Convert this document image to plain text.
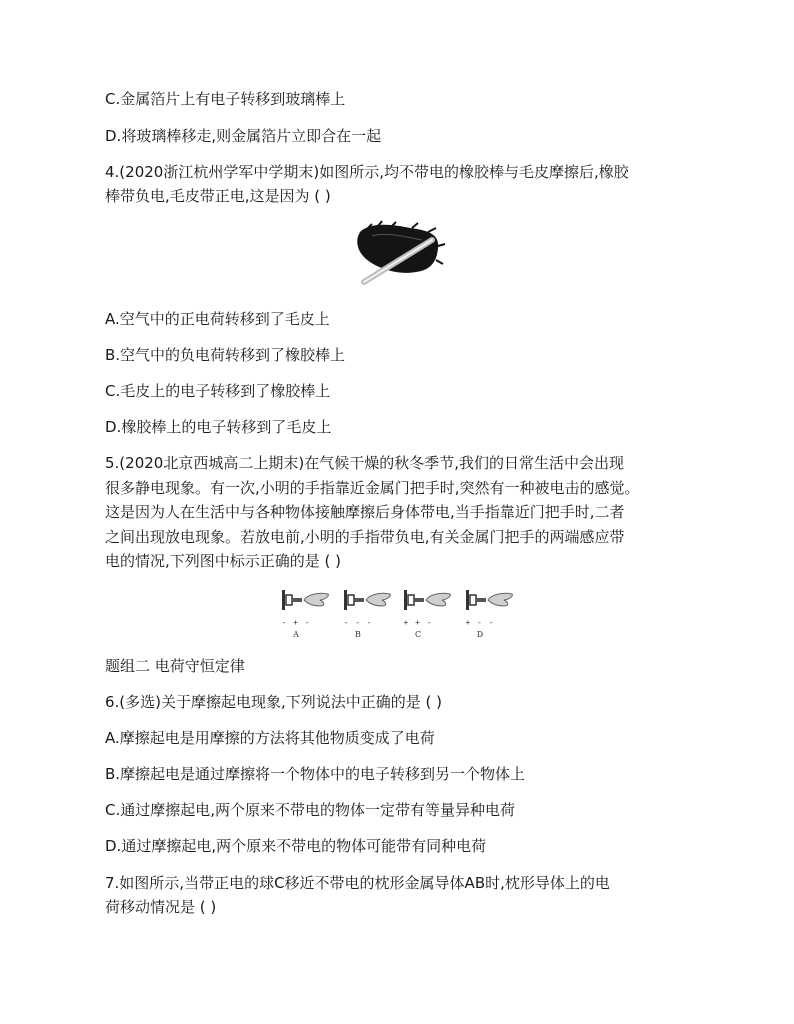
C.金属箔片上有电子转移到玻璃棒上
D.将玻璃棒移走,则金属箔片立即合在一起
4.(2020浙江杭州学军中学期末)如图所示,均不带电的橡胶棒与毛皮摩擦后,橡胶
棒带负电,毛皮带正电,这是因为 ( )
A.空气中的正电荷转移到了毛皮上
B.空气中的负电荷转移到了橡胶棒上
C.毛皮上的电子转移到了橡胶棒上
D.橡胶棒上的电子转移到了毛皮上
5.(2020北京西城高二上期末)在气候干燥的秋冬季节,我们的日常生活中会出现
很多静电现象。有一次,小明的手指靠近金属门把手时,突然有一种被电击的感觉。
这是因为人在生活中与各种物体接触摩擦后身体带电,当手指靠近门把手时,二者
之间出现放电现象。若放电前,小明的手指带负电,有关金属门把手的两端感应带
电的情况,下列图中标示正确的是 ( )
- + -	- - -	+ + -	+ - -
A	B	C	D
题组二 电荷守恒定律
6.(多选)关于摩擦起电现象,下列说法中正确的是 ( )
A.摩擦起电是用摩擦的方法将其他物质变成了电荷
B.摩擦起电是通过摩擦将一个物体中的电子转移到另一个物体上
C.通过摩擦起电,两个原来不带电的物体一定带有等量异种电荷
D.通过摩擦起电,两个原来不带电的物体可能带有同种电荷
7.如图所示,当带正电的球C移近不带电的枕形金属导体AB时,枕形导体上的电
荷移动情况是 ( )
